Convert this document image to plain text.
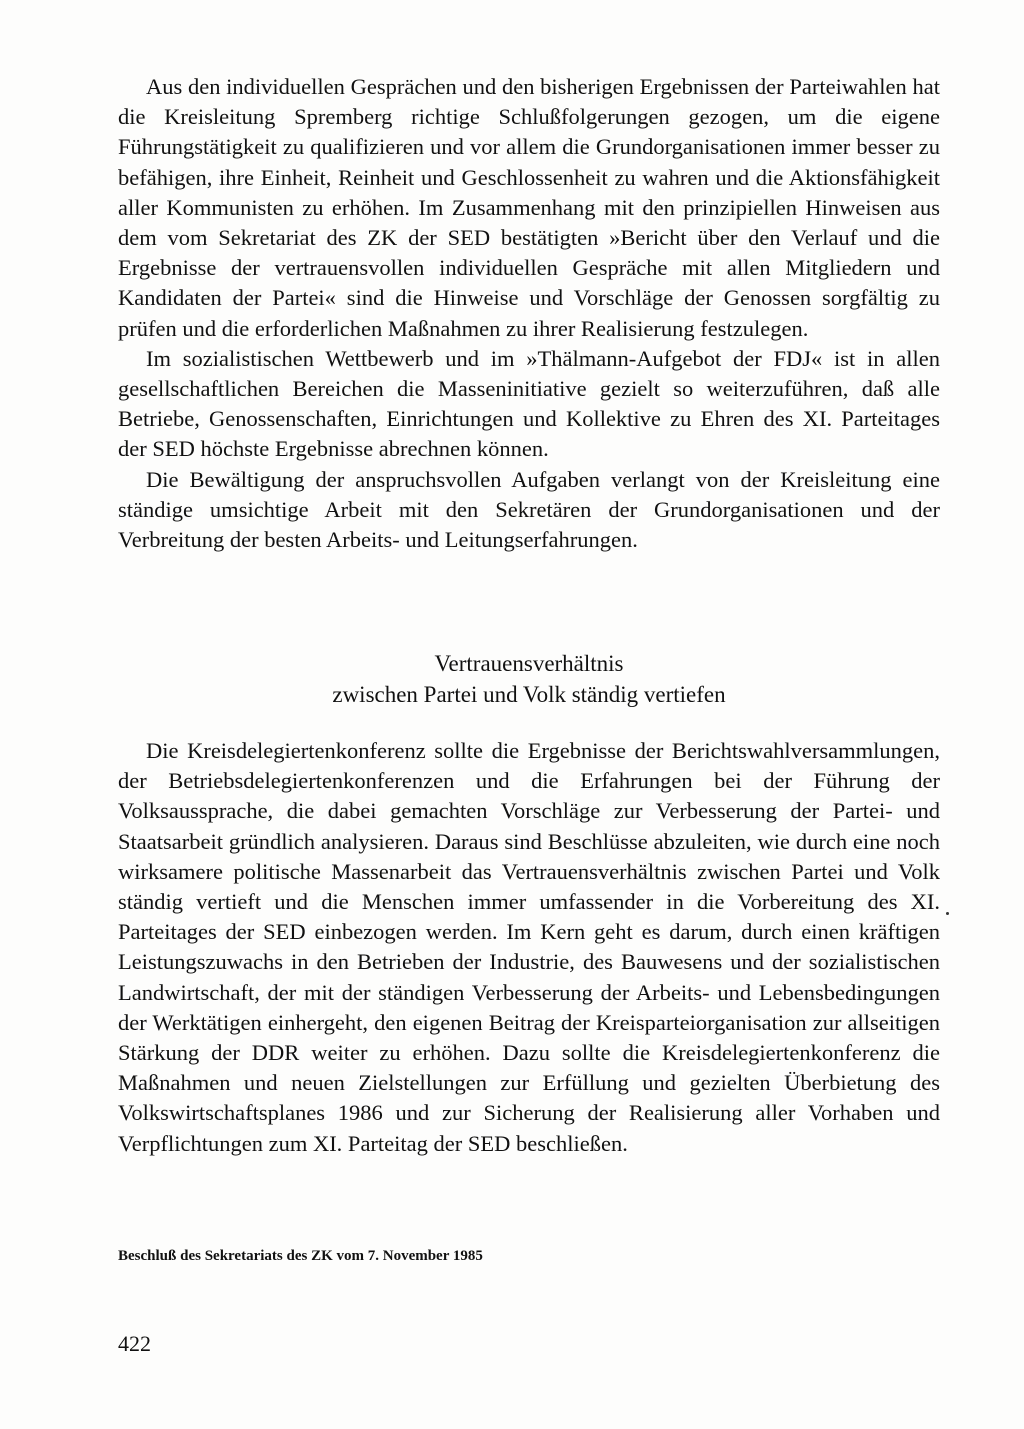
Aus den individuellen Gesprächen und den bisherigen Ergebnissen der Parteiwahlen hat die Kreisleitung Spremberg richtige Schlußfolgerungen gezogen, um die eigene Führungstätigkeit zu qualifizieren und vor allem die Grundorganisationen immer besser zu befähigen, ihre Einheit, Reinheit und Geschlossenheit zu wahren und die Aktionsfähigkeit aller Kommunisten zu erhöhen. Im Zusammenhang mit den prinzipiellen Hinweisen aus dem vom Sekretariat des ZK der SED bestätigten »Bericht über den Verlauf und die Ergebnisse der vertrauensvollen individuellen Gespräche mit allen Mitgliedern und Kandidaten der Partei« sind die Hinweise und Vorschläge der Genossen sorgfältig zu prüfen und die erforderlichen Maßnahmen zu ihrer Realisierung festzulegen.

Im sozialistischen Wettbewerb und im »Thälmann-Aufgebot der FDJ« ist in allen gesellschaftlichen Bereichen die Masseninitiative gezielt so weiterzuführen, daß alle Betriebe, Genossenschaften, Einrichtungen und Kollektive zu Ehren des XI. Parteitages der SED höchste Ergebnisse abrechnen können.

Die Bewältigung der anspruchsvollen Aufgaben verlangt von der Kreisleitung eine ständige umsichtige Arbeit mit den Sekretären der Grundorganisationen und der Verbreitung der besten Arbeits- und Leitungserfahrungen.

Vertrauensverhältnis
zwischen Partei und Volk ständig vertiefen

Die Kreisdelegiertenkonferenz sollte die Ergebnisse der Berichtswahlversammlungen, der Betriebsdelegiertenkonferenzen und die Erfahrungen bei der Führung der Volksaussprache, die dabei gemachten Vorschläge zur Verbesserung der Partei- und Staatsarbeit gründlich analysieren. Daraus sind Beschlüsse abzuleiten, wie durch eine noch wirksamere politische Massenarbeit das Vertrauensverhältnis zwischen Partei und Volk ständig vertieft und die Menschen immer umfassender in die Vorbereitung des XI. Parteitages der SED einbezogen werden. Im Kern geht es darum, durch einen kräftigen Leistungszuwachs in den Betrieben der Industrie, des Bauwesens und der sozialistischen Landwirtschaft, der mit der ständigen Verbesserung der Arbeits- und Lebensbedingungen der Werktätigen einhergeht, den eigenen Beitrag der Kreisparteiorganisation zur allseitigen Stärkung der DDR weiter zu erhöhen. Dazu sollte die Kreisdelegiertenkonferenz die Maßnahmen und neuen Zielstellungen zur Erfüllung und gezielten Überbietung des Volkswirtschaftsplanes 1986 und zur Sicherung der Realisierung aller Vorhaben und Verpflichtungen zum XI. Parteitag der SED beschließen.

Beschluß des Sekretariats des ZK vom 7. November 1985
422
